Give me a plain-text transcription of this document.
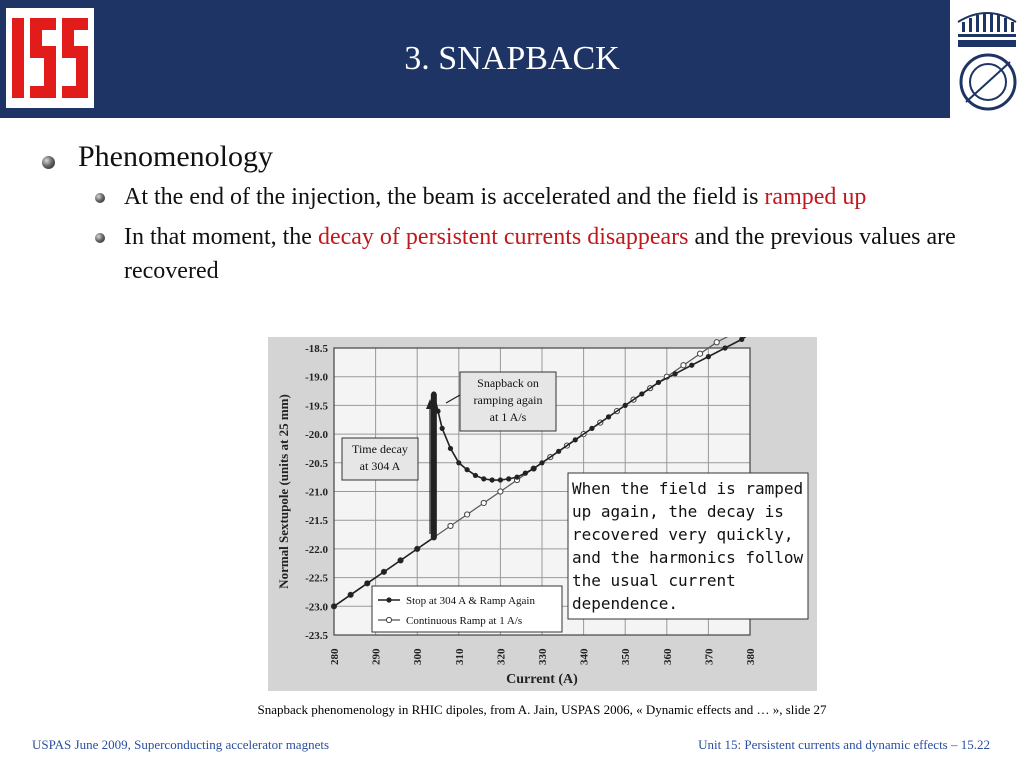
3. SNAPBACK
Phenomenology
At the end of the injection, the beam is accelerated and the field is ramped up
In that moment, the decay of persistent currents disappears and the previous values are recovered
280	290	300	310	320	330	340	350	360	370	380
-18.5
-19.0
-19.5
-20.0
-20.5
-21.0
-21.5
-22.0
-22.5
-23.0
-23.5
Current (A)
Normal Sextupole (units at 25 mm)	Time decay
at 304 A
Snapback on
ramping again
at 1 A/s
When the field is ramped
up again, the decay is
recovered very quickly,
and the harmonics follow
the usual current
dependence.
Stop at 304 A & Ramp Again
Continuous Ramp at 1 A/s
Snapback phenomenology in RHIC dipoles, from A. Jain, USPAS 2006, « Dynamic effects and … », slide 27
USPAS June 2009, Superconducting accelerator magnets	Unit 15: Persistent currents and dynamic effects – 15.22
